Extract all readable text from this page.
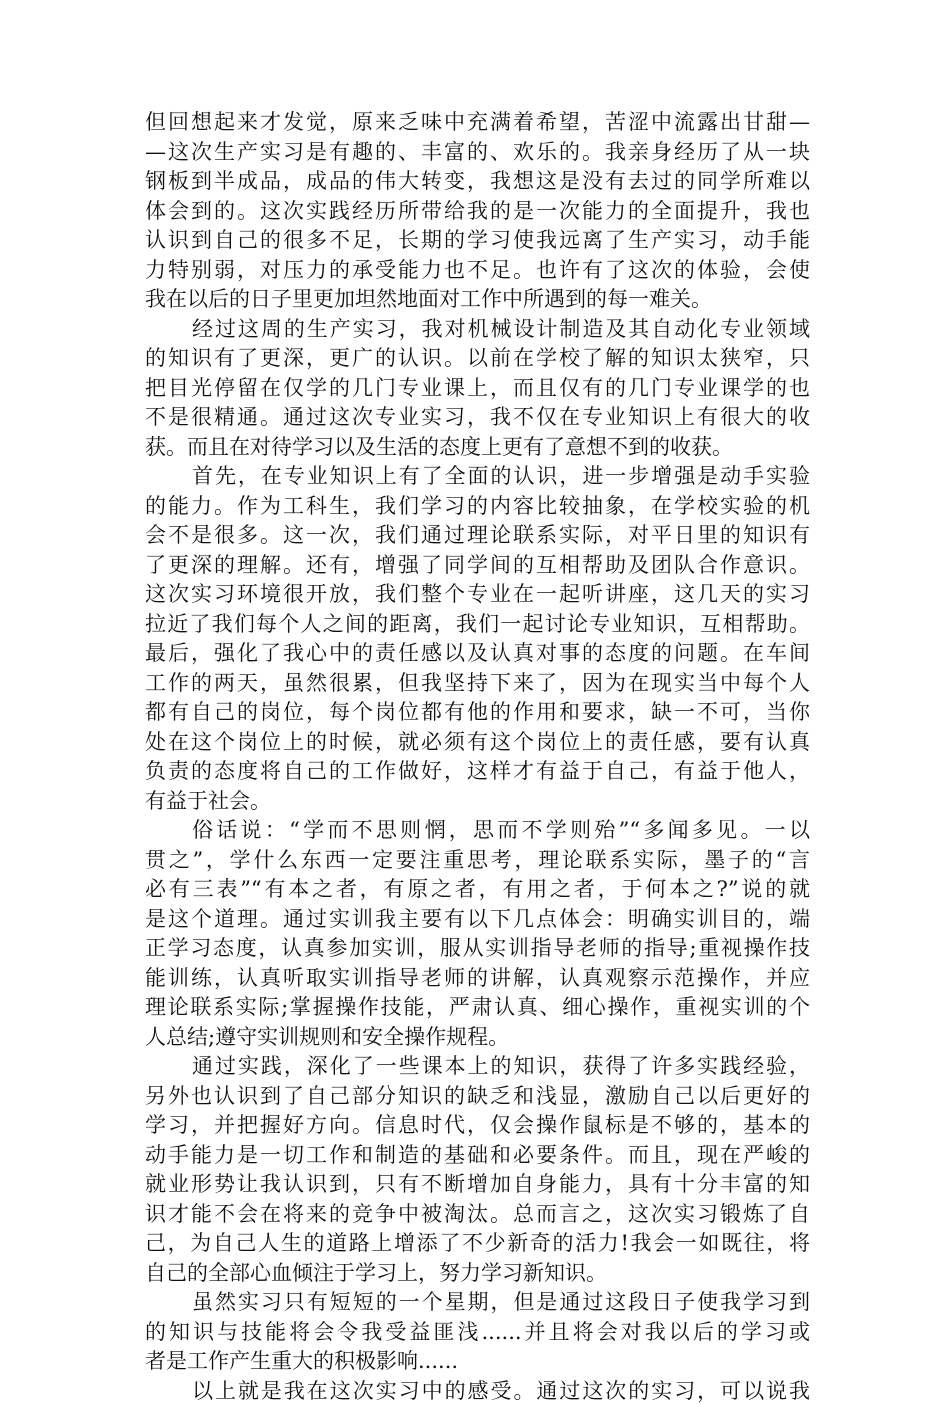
但回想起来才发觉，原来乏味中充满着希望，苦涩中流露出甘甜—
—这次生产实习是有趣的、丰富的、欢乐的。我亲身经历了从一块
钢板到半成品，成品的伟大转变，我想这是没有去过的同学所难以
体会到的。这次实践经历所带给我的是一次能力的全面提升，我也
认识到自己的很多不足，长期的学习使我远离了生产实习，动手能
力特别弱，对压力的承受能力也不足。也许有了这次的体验，会使
我在以后的日子里更加坦然地面对工作中所遇到的每一难关。
经过这周的生产实习，我对机械设计制造及其自动化专业领域
的知识有了更深，更广的认识。以前在学校了解的知识太狭窄，只
把目光停留在仅学的几门专业课上，而且仅有的几门专业课学的也
不是很精通。通过这次专业实习，我不仅在专业知识上有很大的收
获。而且在对待学习以及生活的态度上更有了意想不到的收获。
首先，在专业知识上有了全面的认识，进一步增强是动手实验
的能力。作为工科生，我们学习的内容比较抽象，在学校实验的机
会不是很多。这一次，我们通过理论联系实际，对平日里的知识有
了更深的理解。还有，增强了同学间的互相帮助及团队合作意识。
这次实习环境很开放，我们整个专业在一起听讲座，这几天的实习
拉近了我们每个人之间的距离，我们一起讨论专业知识，互相帮助。
最后，强化了我心中的责任感以及认真对事的态度的问题。在车间
工作的两天，虽然很累，但我坚持下来了，因为在现实当中每个人
都有自己的岗位，每个岗位都有他的作用和要求，缺一不可，当你
处在这个岗位上的时候，就必须有这个岗位上的责任感，要有认真
负责的态度将自己的工作做好，这样才有益于自己，有益于他人，
有益于社会。
俗话说：“学而不思则惘，思而不学则殆”“多闻多见。一以
贯之”，学什么东西一定要注重思考，理论联系实际，墨子的“言
必有三表”“有本之者，有原之者，有用之者，于何本之?”说的就
是这个道理。通过实训我主要有以下几点体会：明确实训目的，端
正学习态度，认真参加实训，服从实训指导老师的指导;重视操作技
能训练，认真听取实训指导老师的讲解，认真观察示范操作，并应
理论联系实际;掌握操作技能，严肃认真、细心操作，重视实训的个
人总结;遵守实训规则和安全操作规程。
通过实践，深化了一些课本上的知识，获得了许多实践经验，
另外也认识到了自己部分知识的缺乏和浅显，激励自己以后更好的
学习，并把握好方向。信息时代，仅会操作鼠标是不够的，基本的
动手能力是一切工作和制造的基础和必要条件。而且，现在严峻的
就业形势让我认识到，只有不断增加自身能力，具有十分丰富的知
识才能不会在将来的竞争中被淘汰。总而言之，这次实习锻炼了自
己，为自己人生的道路上增添了不少新奇的活力!我会一如既往，将
自己的全部心血倾注于学习上，努力学习新知识。
虽然实习只有短短的一个星期，但是通过这段日子使我学习到
的知识与技能将会令我受益匪浅......并且将会对我以后的学习或
者是工作产生重大的积极影响......
以上就是我在这次实习中的感受。通过这次的实习，可以说我
